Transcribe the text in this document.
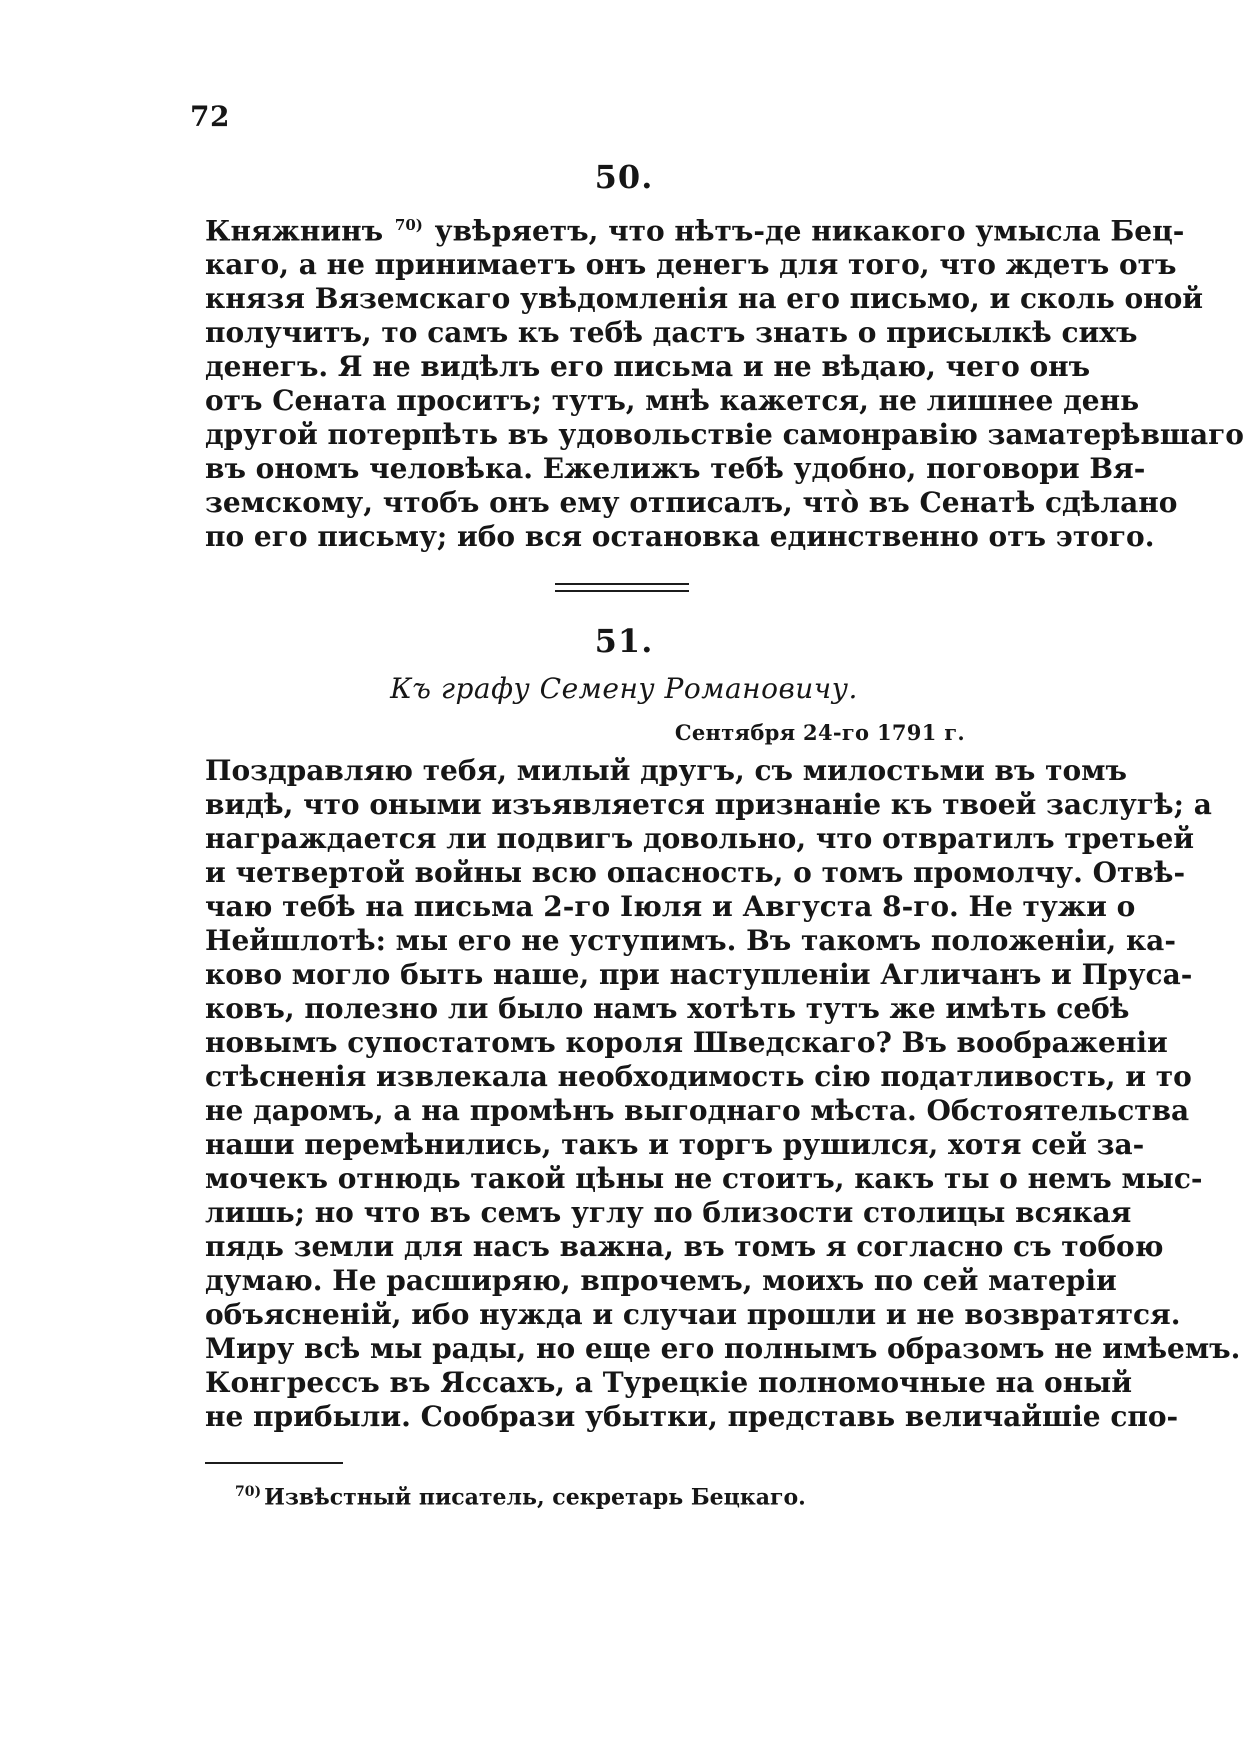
72
50.
Княжнинъ $^{70)}$ увѣряетъ, что нѣтъ-де никакого умысла Бец-
каго, а не принимаетъ онъ денегъ для того, что ждетъ отъ
князя Вяземскаго увѣдомленія на его письмо, и сколь оной
получитъ, то самъ къ тебѣ дастъ знать о присылкѣ сихъ
денегъ. Я не видѣлъ его письма и не вѣдаю, чего онъ
отъ Сената проситъ; тутъ, мнѣ кажется, не лишнее день
другой потерпѣть въ удовольствіе самонравію заматерѣвшаго
въ ономъ человѣка. Ежелижъ тебѣ удобно, поговори Вя-
земскому, чтобъ онъ ему отписалъ, что̀ въ Сенатѣ сдѣлано
по его письму; ибо вся остановка единственно отъ этого.
51.
Къ графу Семену Романовичу.
Сентября 24-го 1791 г.
Поздравляю тебя, милый другъ, съ милостьми въ томъ
видѣ, что оными изъявляется признаніе къ твоей заслугѣ; а
награждается ли подвигъ довольно, что отвратилъ третьей
и четвертой войны всю опасность, о томъ промолчу. Отвѣ-
чаю тебѣ на письма 2-го Іюля и Августа 8-го. Не тужи о
Нейшлотѣ: мы его не уступимъ. Въ такомъ положеніи, ка-
ково могло быть наше, при наступленіи Агличанъ и Пруса-
ковъ, полезно ли было намъ хотѣть тутъ же имѣть себѣ
новымъ супостатомъ короля Шведскаго? Въ воображеніи
стѣсненія извлекала необходимость сію податливость, и то
не даромъ, а на промѣнъ выгоднаго мѣста. Обстоятельства
наши перемѣнились, такъ и торгъ рушился, хотя сей за-
мочекъ отнюдь такой цѣны не стоитъ, какъ ты о немъ мыс-
лишь; но что въ семъ углу по близости столицы всякая
пядь земли для насъ важна, въ томъ я согласно съ тобою
думаю. Не расширяю, впрочемъ, моихъ по сей матеріи
объясненій, ибо нужда и случаи прошли и не возвратятся.
Миру всѣ мы рады, но еще его полнымъ образомъ не имѣемъ.
Конгрессъ въ Яссахъ, а Турецкіе полномочные на оный
не прибыли. Сообрази убытки, представь величайшіе спо-
$^{70)}$ Извѣстный писатель, секретарь Бецкаго.
